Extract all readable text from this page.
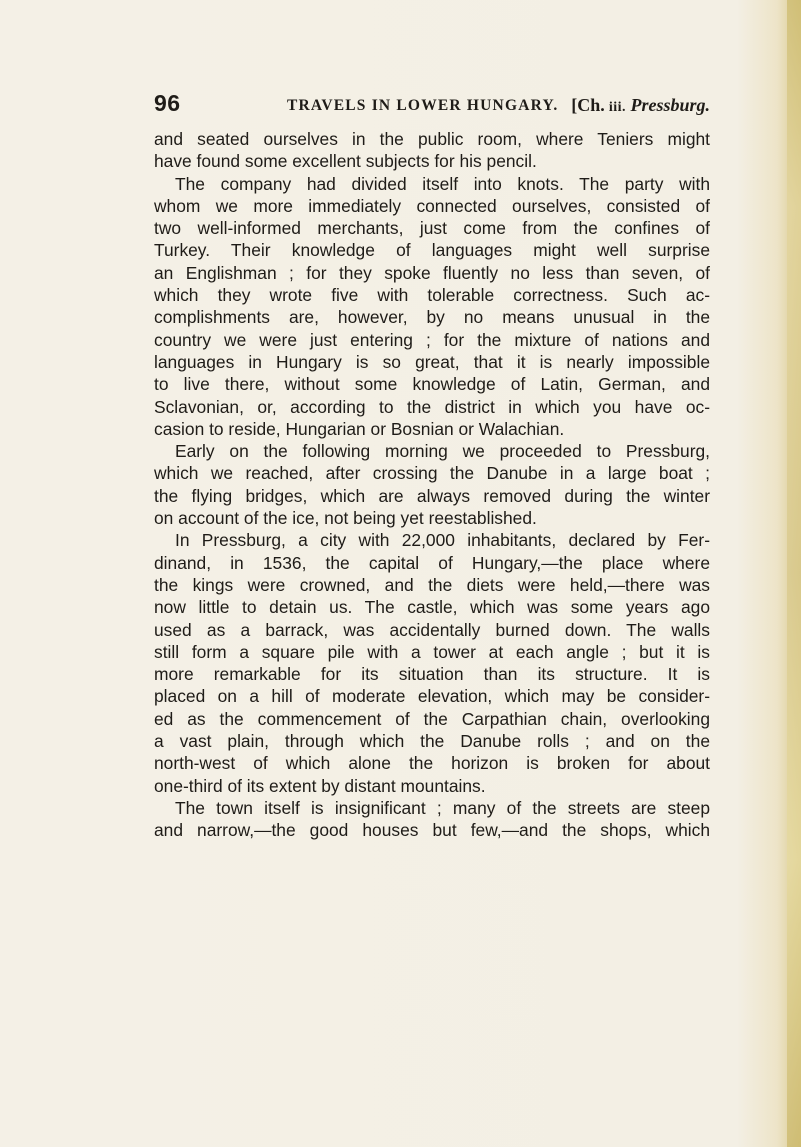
96	TRAVELS IN LOWER HUNGARY. [Ch. iii. Pressburg.
and seated ourselves in the public room, where Teniers might
have found some excellent subjects for his pencil.
The company had divided itself into knots. The party with
whom we more immediately connected ourselves, consisted of
two well-informed merchants, just come from the confines of
Turkey. Their knowledge of languages might well surprise
an Englishman ; for they spoke fluently no less than seven, of
which they wrote five with tolerable correctness. Such ac-
complishments are, however, by no means unusual in the
country we were just entering ; for the mixture of nations and
languages in Hungary is so great, that it is nearly impossible
to live there, without some knowledge of Latin, German, and
Sclavonian, or, according to the district in which you have oc-
casion to reside, Hungarian or Bosnian or Walachian.
Early on the following morning we proceeded to Pressburg,
which we reached, after crossing the Danube in a large boat ;
the flying bridges, which are always removed during the winter
on account of the ice, not being yet reestablished.
In Pressburg, a city with 22,000 inhabitants, declared by Fer-
dinand, in 1536, the capital of Hungary,—the place where
the kings were crowned, and the diets were held,—there was
now little to detain us. The castle, which was some years ago
used as a barrack, was accidentally burned down. The walls
still form a square pile with a tower at each angle ; but it is
more remarkable for its situation than its structure. It is
placed on a hill of moderate elevation, which may be consider-
ed as the commencement of the Carpathian chain, overlooking
a vast plain, through which the Danube rolls ; and on the
north-west of which alone the horizon is broken for about
one-third of its extent by distant mountains.
The town itself is insignificant ; many of the streets are steep
and narrow,—the good houses but few,—and the shops, which
